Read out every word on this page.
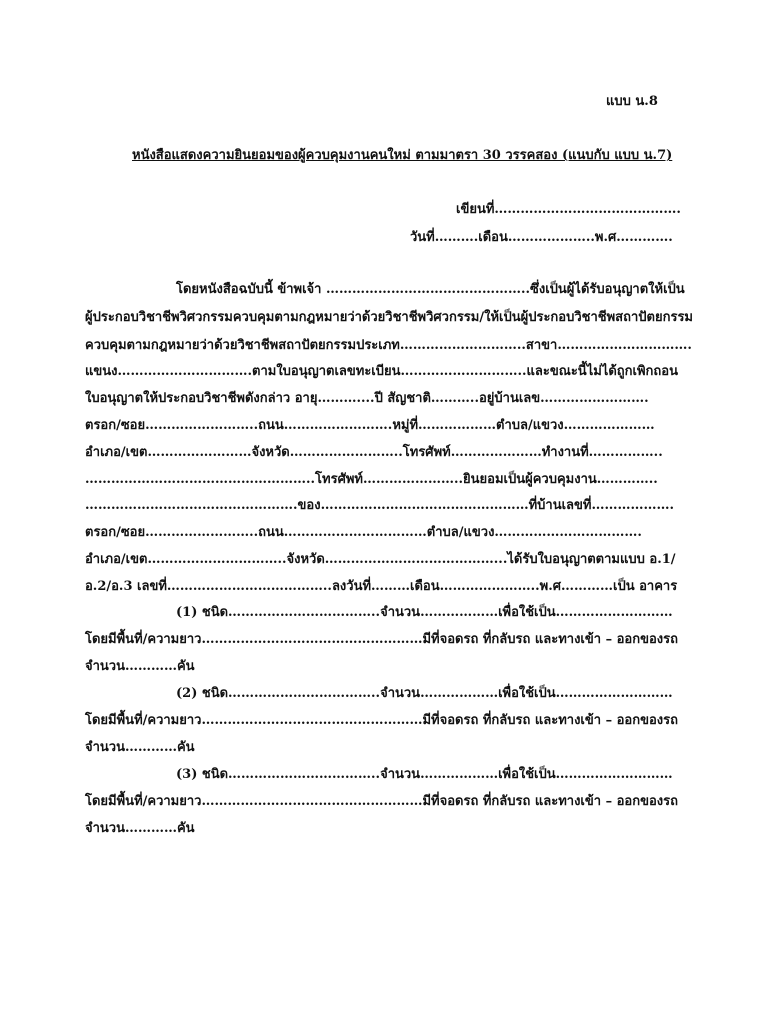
แบบ น.8
หนังสือแสดงความยินยอมของผู้ควบคุมงานคนใหม่ ตามมาตรา 30 วรรคสอง (แนบกับ แบบ น.7)
เขียนที่…………………………………….
วันที่……….เดือน………………..พ.ศ………….
โดยหนังสือฉบับนี้ ข้าพเจ้า ………………………………………..ซึ่งเป็นผู้ได้รับอนุญาตให้เป็น
ผู้ประกอบวิชาชีพวิศวกรรมควบคุมตามกฎหมายว่าด้วยวิชาชีพวิศวกรรม/ให้เป็นผู้ประกอบวิชาชีพสถาปัตยกรรม
ควบคุมตามกฎหมายว่าด้วยวิชาชีพสถาปัตยกรรมประเภท………………………..สาขา………………………….
แขนง………………………….ตามใบอนุญาตเลขทะเบียน………………………..และขณะนี้ไม่ได้ถูกเพิกถอน
ใบอนุญาตให้ประกอบวิชาชีพดังกล่าว อายุ………....ปี สัญชาติ………..อยู่บ้านเลข…………………….
ตรอก/ซอย……………………..ถนน…………………….หมู่ที่………………ตำบล/แขวง…………………
อำเภอ/เขต……………………จังหวัด……………………..โทรศัพท์…………………ทำงานที่……………..
……………………………………………..โทรศัพท์…………………..ยินยอมเป็นผู้ควบคุมงาน…………..
………………………………………….ของ…………………………………………ที่บ้านเลขที่……………….
ตรอก/ซอย……………………..ถนน……………………………ตำบล/แขวง…………………………….
อำเภอ/เขต…………………………..จังหวัด…………………………………...ได้รับใบอนุญาตตามแบบ อ.1/
อ.2/อ.3 เลขที่………………………………..ลงวันที่………เดือน…………………..พ.ศ…………เป็น อาคาร
(1) ชนิด……………………………..จำนวน………………เพื่อใช้เป็น………………………
โดยมีพื้นที่/ความยาว……………………………………………มีที่จอดรถ ที่กลับรถ และทางเข้า – ออกของรถ
จำนวน…………คัน
(2) ชนิด……………………………..จำนวน………………เพื่อใช้เป็น………………………
โดยมีพื้นที่/ความยาว……………………………………………มีที่จอดรถ ที่กลับรถ และทางเข้า – ออกของรถ
จำนวน…………คัน
(3) ชนิด……………………………..จำนวน………………เพื่อใช้เป็น………………………
โดยมีพื้นที่/ความยาว……………………………………………มีที่จอดรถ ที่กลับรถ และทางเข้า – ออกของรถ
จำนวน…………คัน
